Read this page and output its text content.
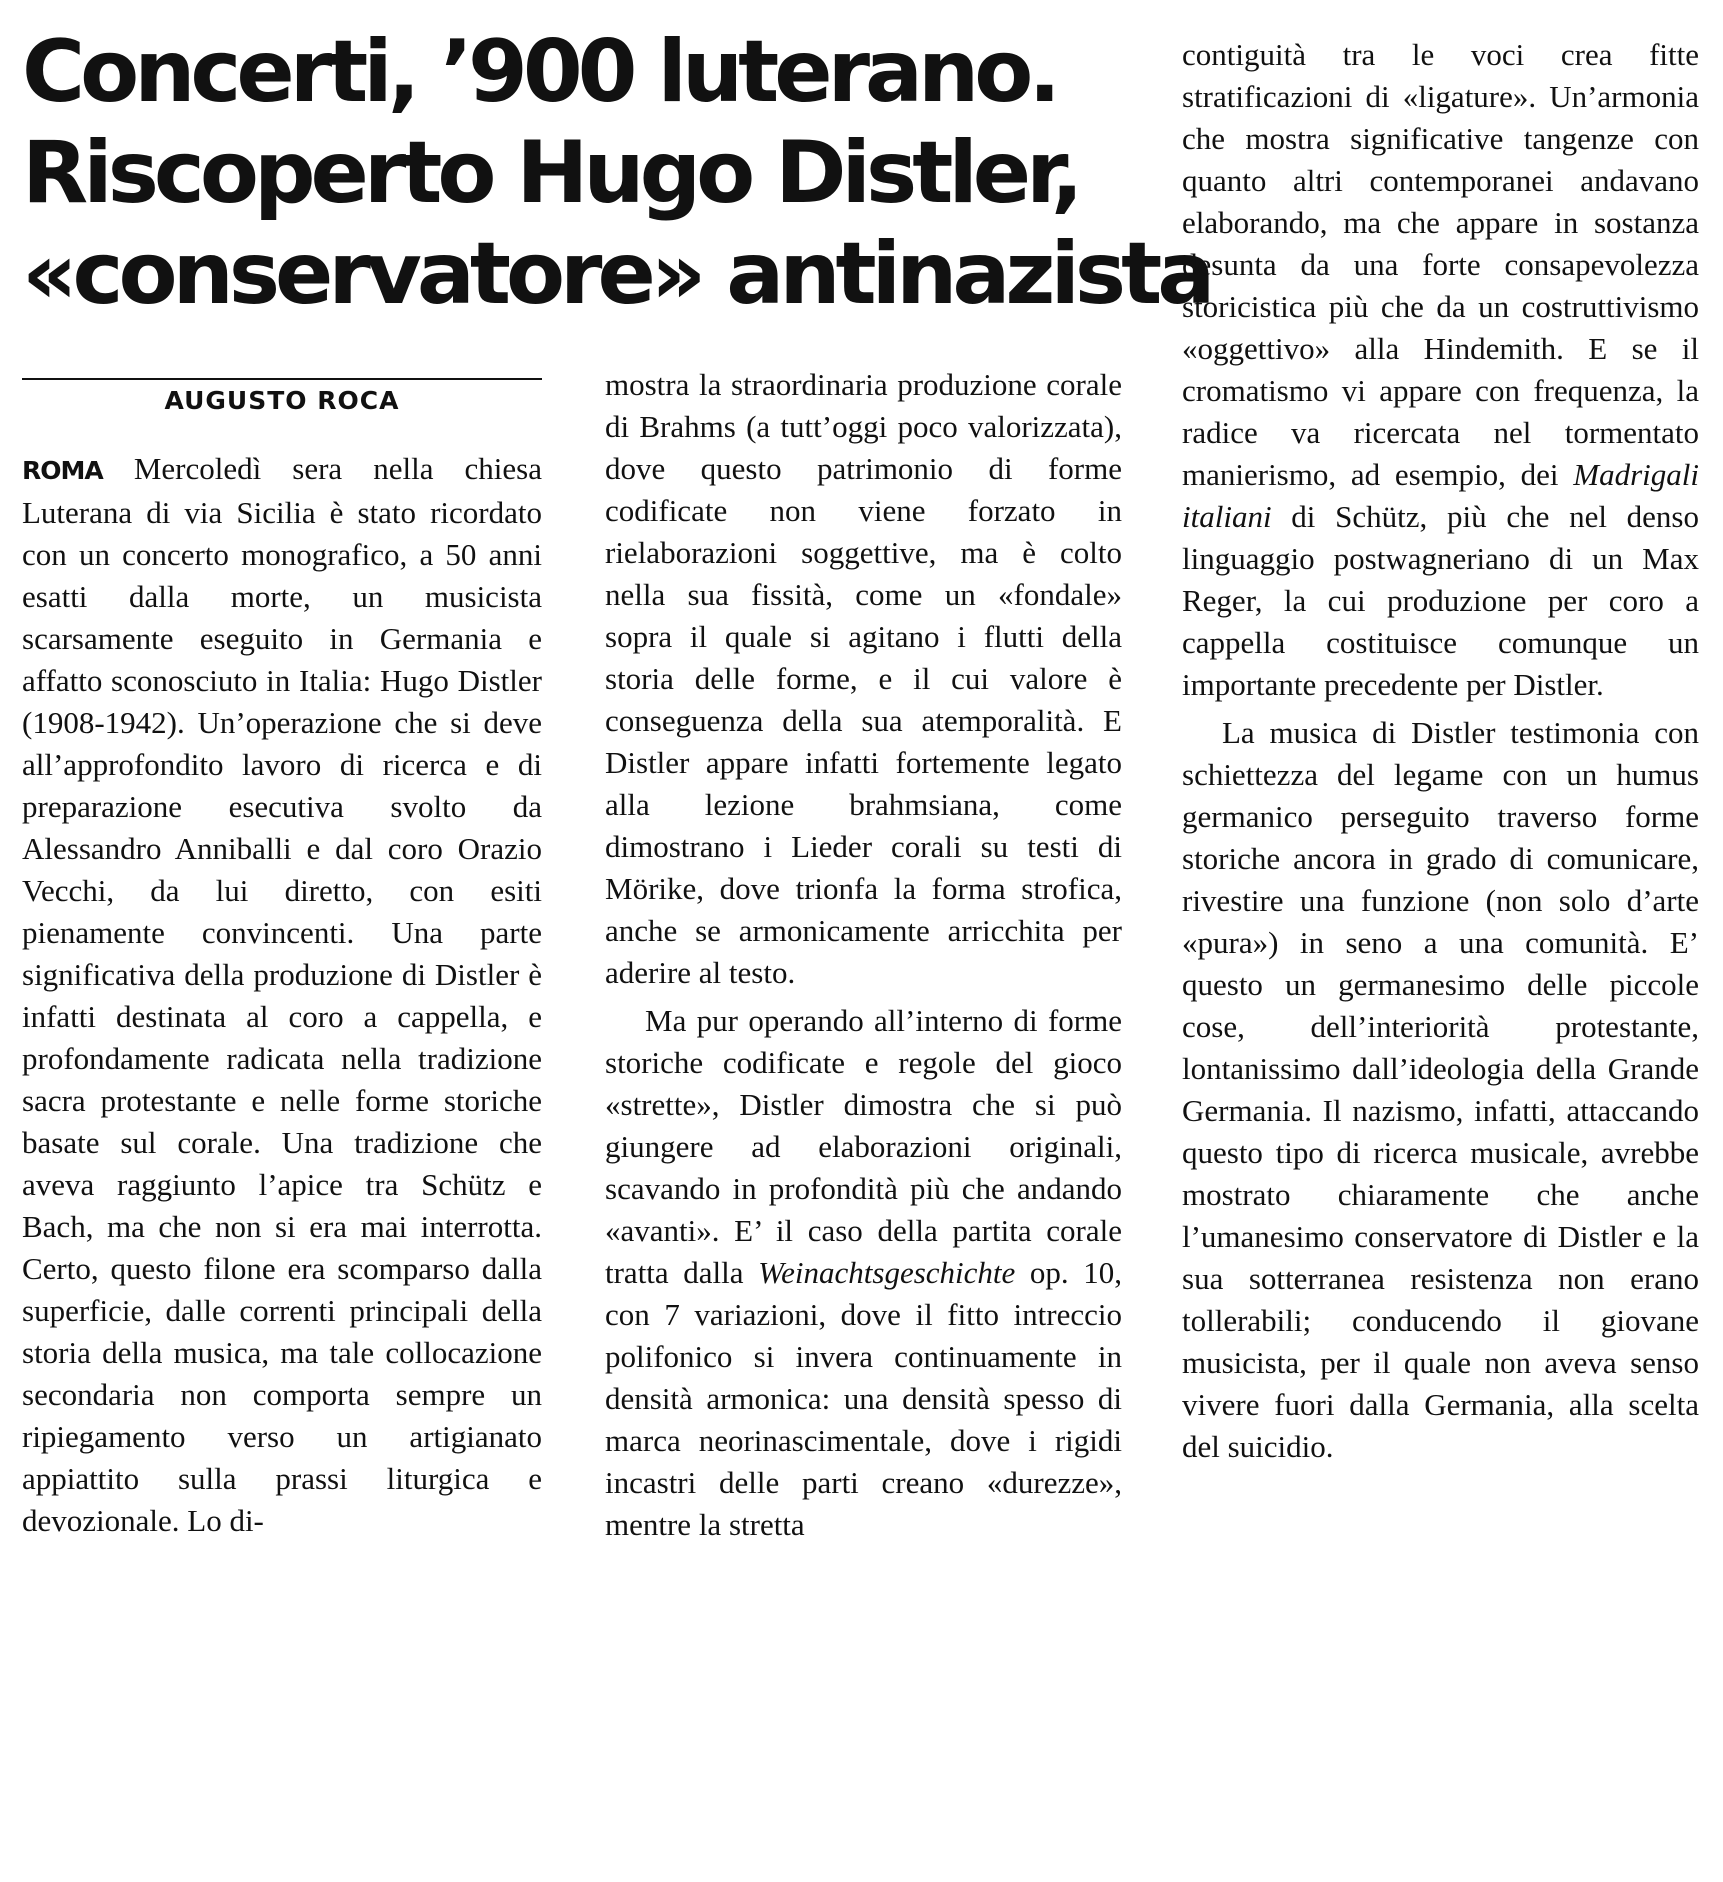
Concerti, ’900 luterano.
Riscoperto Hugo Distler,
«conservatore» antinazista
AUGUSTO ROCA

ROMA Mercoledì sera nella chiesa Luterana di via Sicilia è stato ricordato con un concerto monografico, a 50 anni esatti dalla morte, un musicista scarsamente eseguito in Germania e affatto sconosciuto in Italia: Hugo Distler (1908-1942). Un’operazione che si deve all’approfondito lavoro di ricerca e di preparazione esecutiva svolto da Alessandro Anniballi e dal coro Orazio Vecchi, da lui diretto, con esiti pienamente convincenti. Una parte significativa della produzione di Distler è infatti destinata al coro a cappella, e profondamente radicata nella tradizione sacra protestante e nelle forme storiche basate sul corale. Una tradizione che aveva raggiunto l’apice tra Schütz e Bach, ma che non si era mai interrotta. Certo, questo filone era scomparso dalla superficie, dalle correnti principali della storia della musica, ma tale collocazione secondaria non comporta sempre un ripiegamento verso un artigianato appiattito sulla prassi liturgica e devozionale. Lo di-

mostra la straordinaria produzione corale di Brahms (a tutt’oggi poco valorizzata), dove questo patrimonio di forme codificate non viene forzato in rielaborazioni soggettive, ma è colto nella sua fissità, come un «fondale» sopra il quale si agitano i flutti della storia delle forme, e il cui valore è conseguenza della sua atemporalità. E Distler appare infatti fortemente legato alla lezione brahmsiana, come dimostrano i Lieder corali su testi di Mörike, dove trionfa la forma strofica, anche se armonicamente arricchita per aderire al testo.

Ma pur operando all’interno di forme storiche codificate e regole del gioco «strette», Distler dimostra che si può giungere ad elaborazioni originali, scavando in profondità più che andando «avanti». E’ il caso della partita corale tratta dalla Weinachtsgeschichte op. 10, con 7 variazioni, dove il fitto intreccio polifonico si invera continuamente in densità armonica: una densità spesso di marca neorinascimentale, dove i rigidi incastri delle parti creano «durezze», mentre la stretta

contiguità tra le voci crea fitte stratificazioni di «ligature». Un’armonia che mostra significative tangenze con quanto altri contemporanei andavano elaborando, ma che appare in sostanza desunta da una forte consapevolezza storicistica più che da un costruttivismo «oggettivo» alla Hindemith. E se il cromatismo vi appare con frequenza, la radice va ricercata nel tormentato manierismo, ad esempio, dei Madrigali italiani di Schütz, più che nel denso linguaggio postwagneriano di un Max Reger, la cui produzione per coro a cappella costituisce comunque un importante precedente per Distler.

La musica di Distler testimonia con schiettezza del legame con un humus germanico perseguito traverso forme storiche ancora in grado di comunicare, rivestire una funzione (non solo d’arte «pura») in seno a una comunità. E’ questo un germanesimo delle piccole cose, dell’interiorità protestante, lontanissimo dall’ideologia della Grande Germania. Il nazismo, infatti, attaccando questo tipo di ricerca musicale, avrebbe mostrato chiaramente che anche l’umanesimo conservatore di Distler e la sua sotterranea resistenza non erano tollerabili; conducendo il giovane musicista, per il quale non aveva senso vivere fuori dalla Germania, alla scelta del suicidio.
